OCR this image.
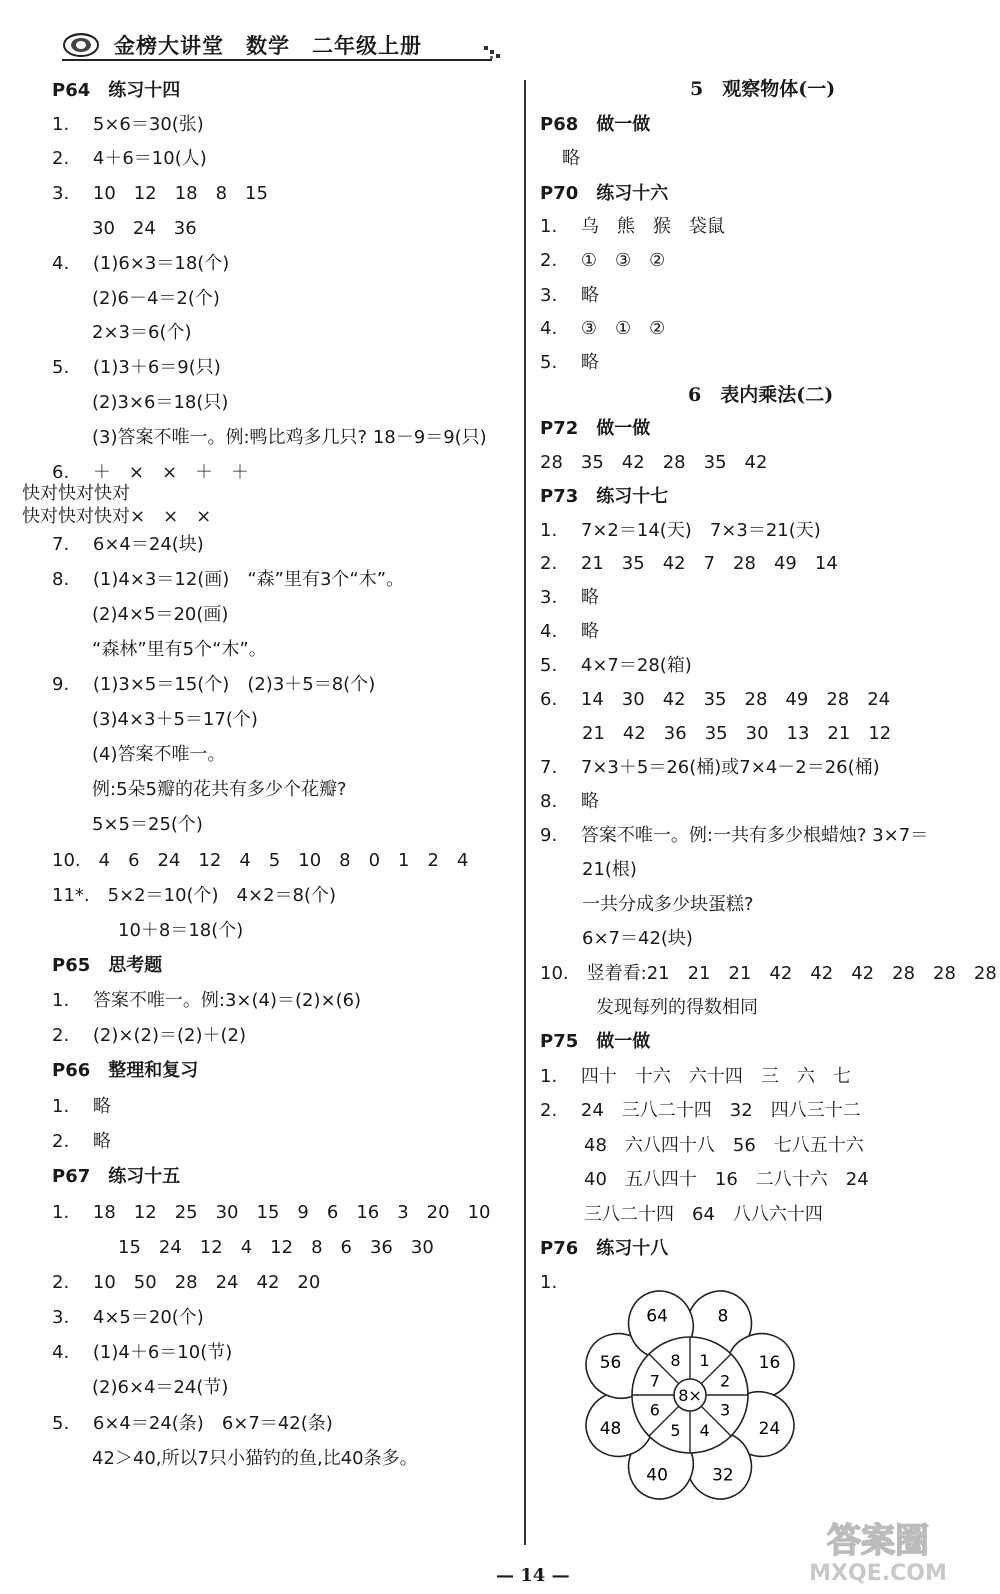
金榜大讲堂　数学　二年级上册
P64　练习十四
1.　 5×6＝30(张)
2.　 4＋6＝10(人)
3.　 10　12　18　8　15
30　24　36
4.　 (1)6×3＝18(个)
(2)6－4＝2(个)
2×3＝6(个)
5.　 (1)3＋6＝9(只)
(2)3×6＝18(只)
(3)答案不唯一。例:鸭比鸡多几只? 18－9＝9(只)
6.　 ＋　×　×　＋　＋
快对快对快对
快对快对快对×　×　×
7.　 6×4＝24(块)
8.　 (1)4×3＝12(画)　“森”里有3个“木”。
(2)4×5＝20(画)
“森林”里有5个“木”。
9.　 (1)3×5＝15(个)　(2)3＋5＝8(个)
(3)4×3＋5＝17(个)
(4)答案不唯一。
例:5朵5瓣的花共有多少个花瓣?
5×5＝25(个)
10.　4　6　24　12　4　5　10　8　0　1　2　4
11*.　5×2＝10(个)　4×2＝8(个)
10＋8＝18(个)
P65　思考题
1.　 答案不唯一。例:3×(4)＝(2)×(6)
2.　 (2)×(2)＝(2)＋(2)
P66　整理和复习
1.　 略
2.　 略
P67　练习十五
1.　 18　12　25　30　15　9　6　16　3　20　10
15　24　12　4　12　8　6　36　30
2.　 10　50　28　24　42　20
3.　 4×5＝20(个)
4.　 (1)4＋6＝10(节)
(2)6×4＝24(节)
5.　 6×4＝24(条)　6×7＝42(条)
42＞40,所以7只小猫钓的鱼,比40条多。
5　观察物体(一)
P68　做一做
略
P70　练习十六
1.　 乌　熊　猴　袋鼠
2.　 ①　③　②
3.　 略
4.　 ③　①　②
5.　 略
6　表内乘法(二)
P72　做一做
28　35　42　28　35　42
P73　练习十七
1.　 7×2＝14(天)　7×3＝21(天)
2.　 21　35　42　7　28　49　14
3.　 略
4.　 略
5.　 4×7＝28(箱)
6.　 14　30　42　35　28　49　28　24
21　42　36　35　30　13　21　12
7.　 7×3＋5＝26(桶)或7×4－2＝26(桶)
8.　 略
9.　 答案不唯一。例:一共有多少根蜡烛? 3×7＝
21(根)
一共分成多少块蛋糕?
6×7＝42(块)
10.　竖着看:21　21　21　42　42　42　28　28　28
发现每列的得数相同
P75　做一做
1.　 四十　十六　六十四　三　六　七
2.　 24　三八二十四　32　四八三十二
48　六八四十八　56　七八五十六
40　五八四十　16　二八十六　24
三八二十四　64　八八六十四
P76　练习十八
1.
8
16
24
32
40
48
56
64
1
2
3
4
5
6
7
8
8×
— 14 —
答案圈
MXQE.COM
